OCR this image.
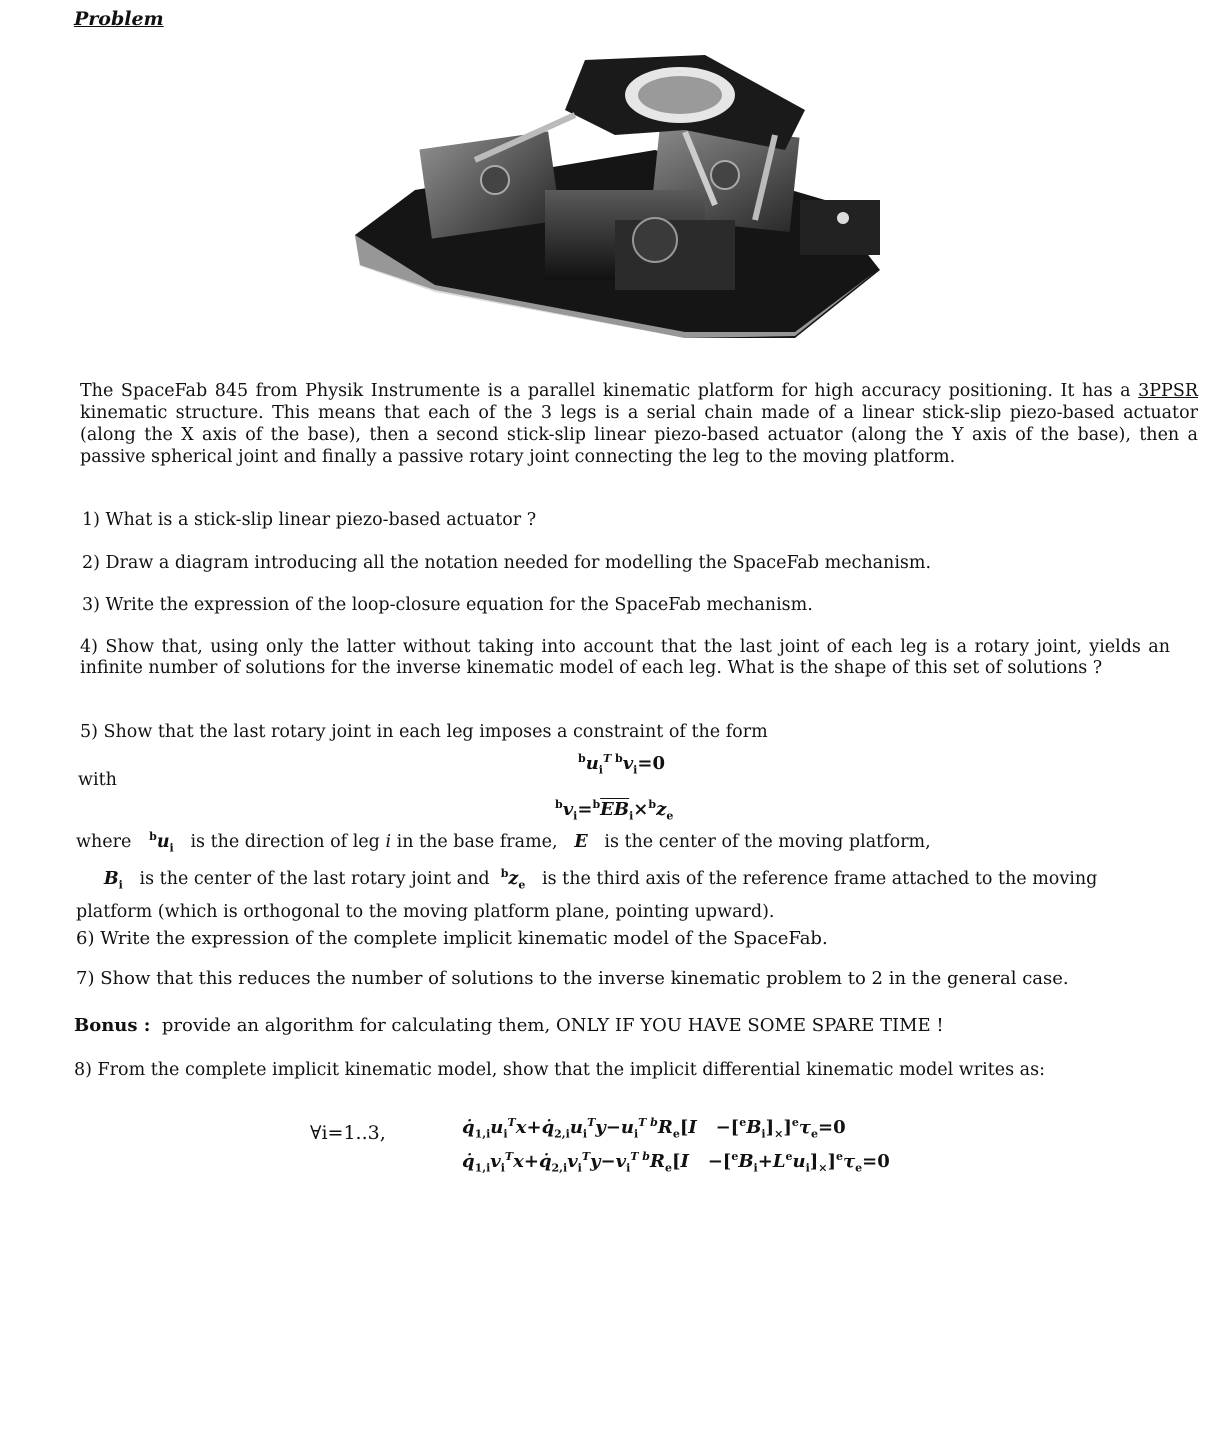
Problem
The SpaceFab 845 from Physik Instrumente is a parallel kinematic platform for high accuracy positioning. It has a 3PPSR kinematic structure. This means that each of the 3 legs is a serial chain made of a linear stick-slip piezo-based actuator (along the X axis of the base), then a second stick-slip linear piezo-based actuator (along the Y axis of the base), then a passive spherical joint and finally a passive rotary joint connecting the leg to the moving platform.
1) What is a stick-slip linear piezo-based actuator ?
2) Draw a diagram introducing all the notation needed for modelling the SpaceFab mechanism.
3) Write the expression of the loop-closure equation for the SpaceFab mechanism.
4) Show that, using only the latter without taking into account that the last joint of each leg is a rotary joint, yields an infinite number of solutions for the inverse kinematic model of each leg. What is the shape of this set of solutions ?
5) Show that the last rotary joint in each leg imposes a constraint of the form
$^bu_i^{T b}v_i=0$
with
$^bv_i=^b\overline{EB}_i\times^bz_e$
where $^bu_i$ is the direction of leg i in the base frame, E is the center of the moving platform,
$B_i$ is the center of the last rotary joint and $^bz_e$ is the third axis of the reference frame attached to the moving platform (which is orthogonal to the moving platform plane, pointing upward).
6) Write the expression of the complete implicit kinematic model of the SpaceFab.
7) Show that this reduces the number of solutions to the inverse kinematic problem to 2 in the general case.
Bonus : provide an algorithm for calculating them, ONLY IF YOU HAVE SOME SPARE TIME !
8) From the complete implicit kinematic model, show that the implicit differential kinematic model writes as:
∀i=1..3,	$q̇_{1,i}u_i^Tx+q̇_{2,i}u_i^Ty-u_i^{T b}R_e[I -[^eB_i]_\times]^e\tau_e=0$
$q̇_{1,i}v_i^Tx+q̇_{2,i}v_i^Ty-v_i^{T b}R_e[I -[^eB_i+L^eu_i]_\times]^e\tau_e=0$
